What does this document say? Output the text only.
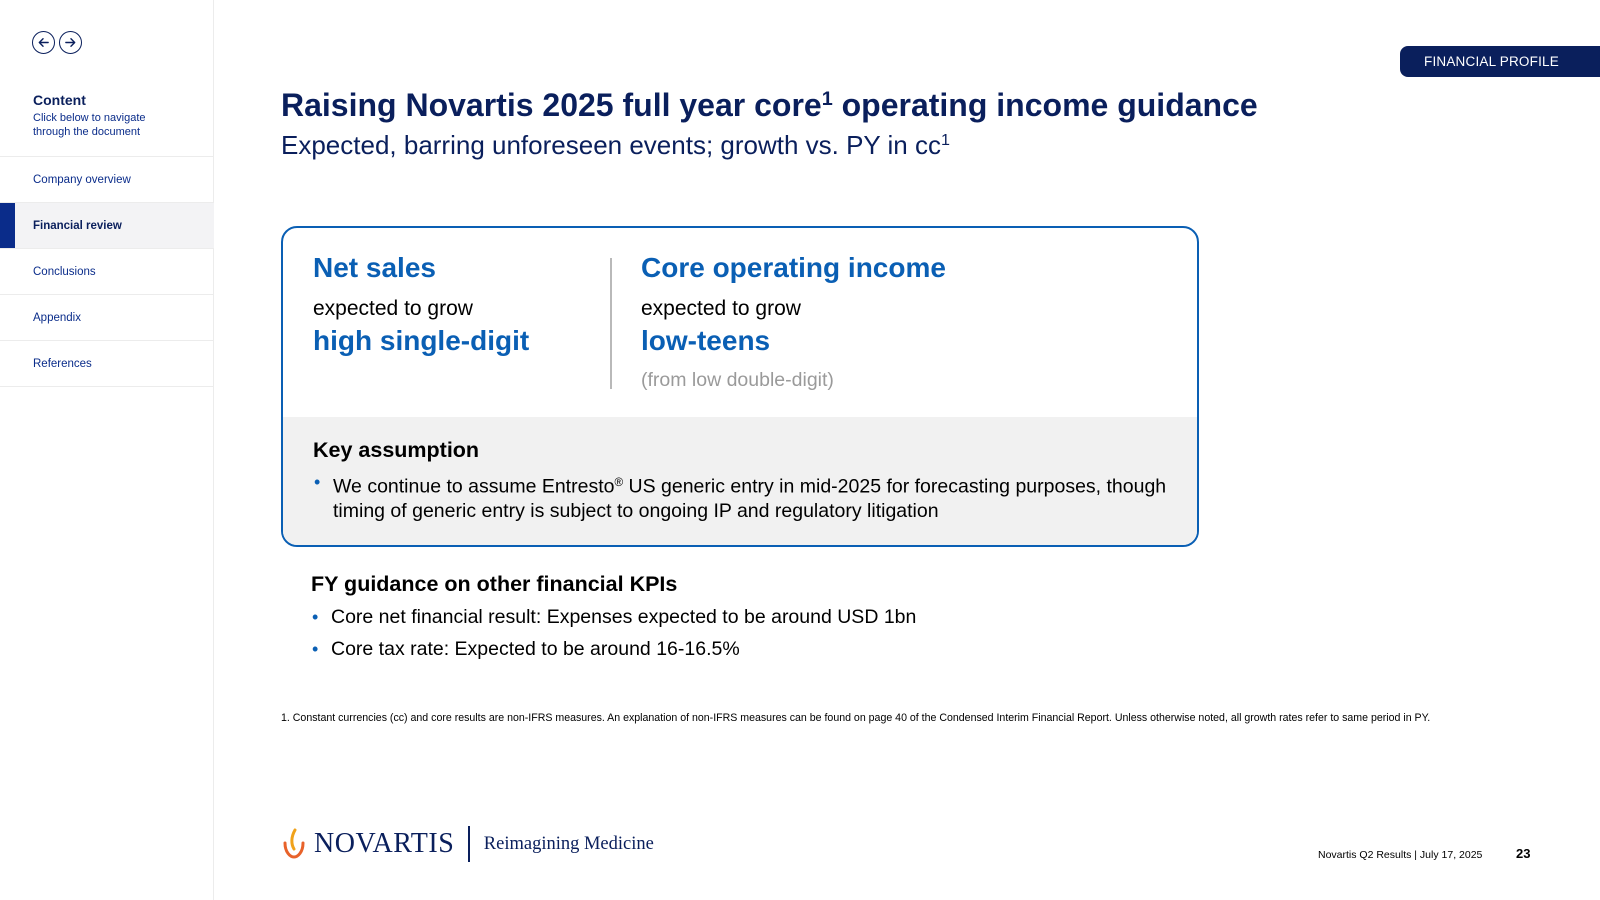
Content
Click below to navigate through the document
Company overview
Financial review
Conclusions
Appendix
References
FINANCIAL PROFILE
Raising Novartis 2025 full year core$^1$ operating income guidance
Expected, barring unforeseen events; growth vs. PY in $cc^1$
Net sales
expected to grow
high single-digit
Core operating income
expected to grow
low-teens
(from low double-digit)
Key assumption
• We continue to assume Entresto® US generic entry in mid-2025 for forecasting purposes, though timing of generic entry is subject to ongoing IP and regulatory litigation
FY guidance on other financial KPIs
• Core net financial result: Expenses expected to be around USD 1bn
• Core tax rate: Expected to be around 16-16.5%
1. Constant currencies (cc) and core results are non-IFRS measures. An explanation of non-IFRS measures can be found on page 40 of the Condensed Interim Financial Report. Unless otherwise noted, all growth rates refer to same period in PY.
NOVARTIS Reimagining Medicine
Novartis Q2 Results | July 17, 2025	23
